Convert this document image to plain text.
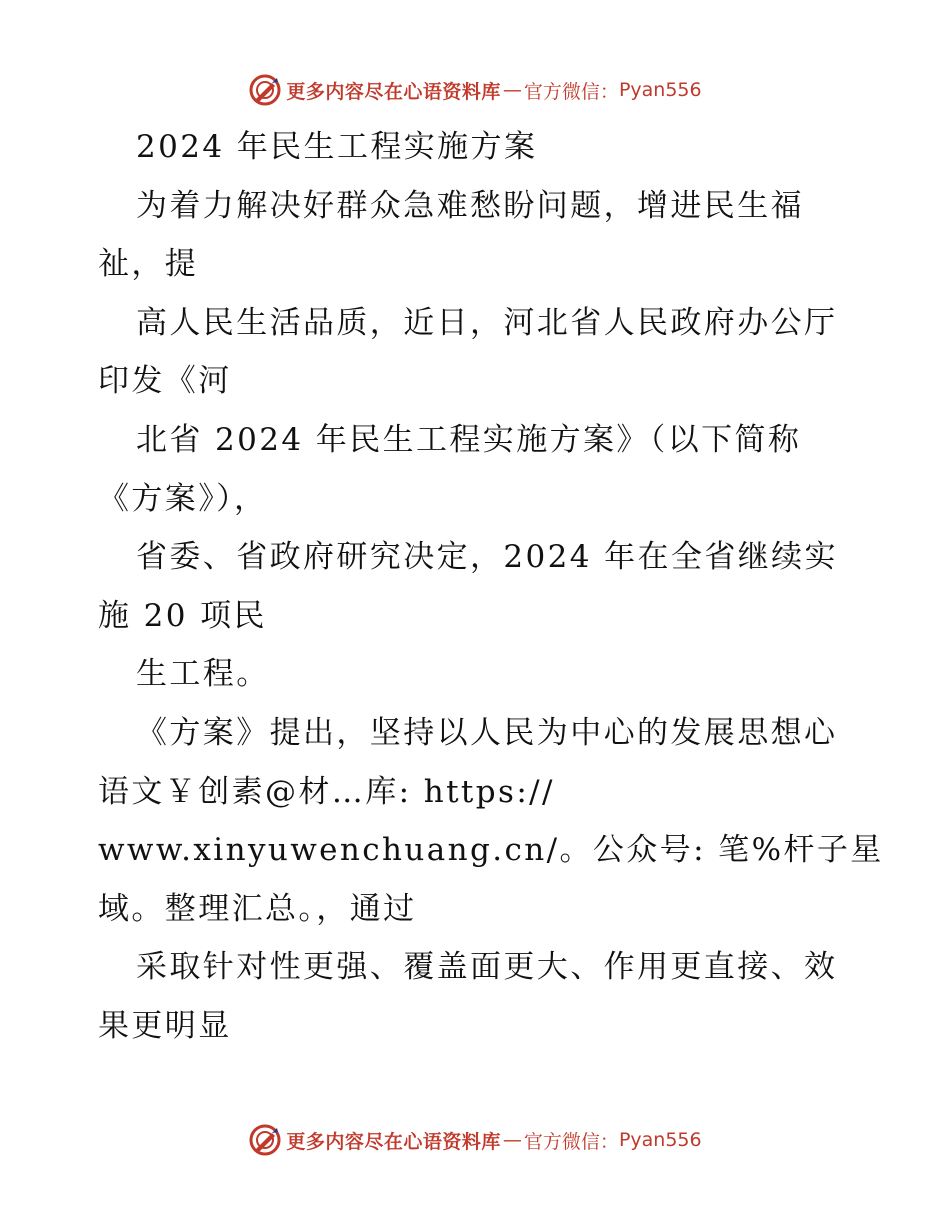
更多内容尽在心语资料库 — 官方微信： Pyan556
2024 年民生工程实施方案
为着力解决好群众急难愁盼问题，增进民生福
祉，提
高人民生活品质，近日，河北省人民政府办公厅
印发《河
北省 2024 年民生工程实施方案》（以下简称
《方案》），
省委、省政府研究决定，2024 年在全省继续实
施 20 项民
生工程。
《方案》提出，坚持以人民为中心的发展思想心
语文￥创素@材…库: https://
www.xinyuwenchuang.cn/。公众号: 笔%杆子星
域。整理汇总。，通过
采取针对性更强、覆盖面更大、作用更直接、效
果更明显
更多内容尽在心语资料库 — 官方微信： Pyan556
